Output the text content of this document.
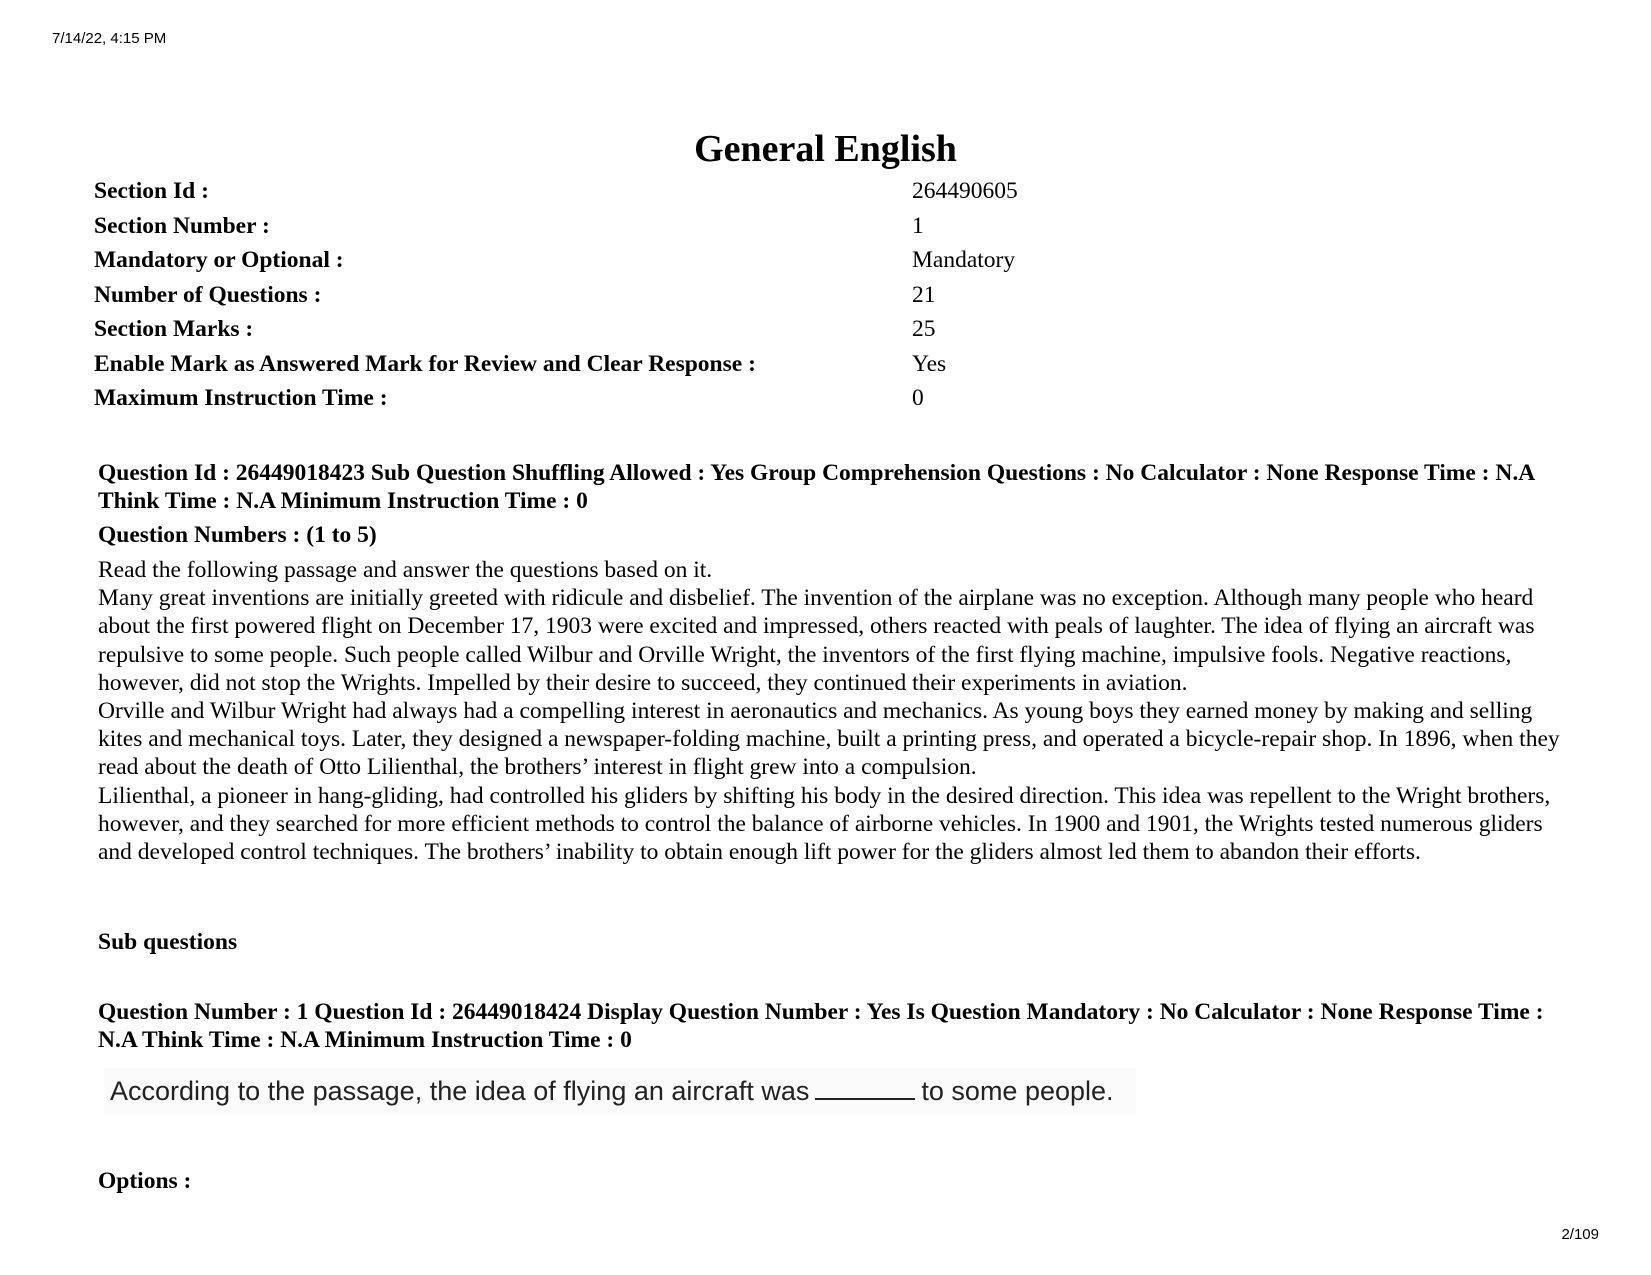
7/14/22, 4:15 PM
General English
Section Id :	264490605
Section Number :	1
Mandatory or Optional :	Mandatory
Number of Questions :	21
Section Marks :	25
Enable Mark as Answered Mark for Review and Clear Response :	Yes
Maximum Instruction Time :	0
Question Id : 26449018423 Sub Question Shuffling Allowed : Yes Group Comprehension Questions : No Calculator : None Response Time : N.A Think Time : N.A Minimum Instruction Time : 0
Question Numbers : (1 to 5)

Read the following passage and answer the questions based on it.

Many great inventions are initially greeted with ridicule and disbelief. The invention of the airplane was no exception. Although many people who heard about the first powered flight on December 17, 1903 were excited and impressed, others reacted with peals of laughter. The idea of flying an aircraft was repulsive to some people. Such people called Wilbur and Orville Wright, the inventors of the first flying machine, impulsive fools. Negative reactions, however, did not stop the Wrights. Impelled by their desire to succeed, they continued their experiments in aviation.

Orville and Wilbur Wright had always had a compelling interest in aeronautics and mechanics. As young boys they earned money by making and selling kites and mechanical toys. Later, they designed a newspaper-folding machine, built a printing press, and operated a bicycle-repair shop. In 1896, when they read about the death of Otto Lilienthal, the brothers’ interest in flight grew into a compulsion.

Lilienthal, a pioneer in hang-gliding, had controlled his gliders by shifting his body in the desired direction. This idea was repellent to the Wright brothers, however, and they searched for more efficient methods to control the balance of airborne vehicles. In 1900 and 1901, the Wrights tested numerous gliders and developed control techniques. The brothers’ inability to obtain enough lift power for the gliders almost led them to abandon their efforts.

Sub questions
Question Number : 1 Question Id : 26449018424 Display Question Number : Yes Is Question Mandatory : No Calculator : None Response Time : N.A Think Time : N.A Minimum Instruction Time : 0
According to the passage, the idea of flying an aircraft was	to some people.
Options :
2/109
